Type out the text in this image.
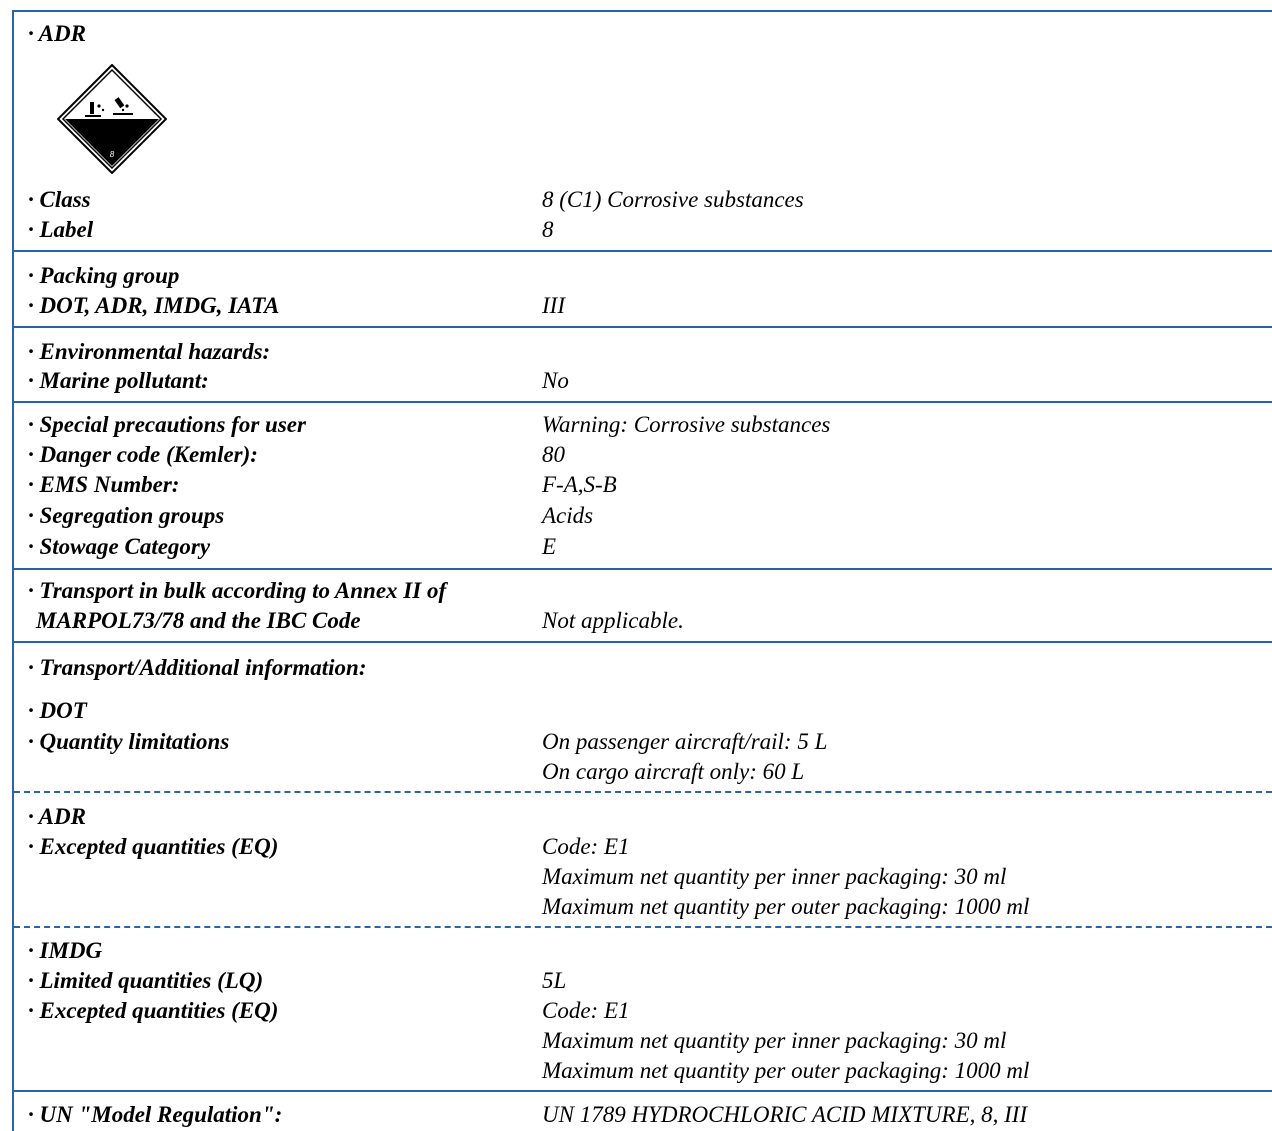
· ADR
8
· Class	8 (C1) Corrosive substances
· Label	8
· Packing group
· DOT, ADR, IMDG, IATA	III
· Environmental hazards:
· Marine pollutant:	No
· Special precautions for user	Warning: Corrosive substances
· Danger code (Kemler):	80
· EMS Number:	F-A,S-B
· Segregation groups	Acids
· Stowage Category	E
· Transport in bulk according to Annex II of
MARPOL73/78 and the IBC Code	Not applicable.
· Transport/Additional information:
· DOT
· Quantity limitations	On passenger aircraft/rail: 5 L
On cargo aircraft only: 60 L
· ADR
· Excepted quantities (EQ)	Code: E1
Maximum net quantity per inner packaging: 30 ml
Maximum net quantity per outer packaging: 1000 ml
· IMDG
· Limited quantities (LQ)	5L
· Excepted quantities (EQ)	Code: E1
Maximum net quantity per inner packaging: 30 ml
Maximum net quantity per outer packaging: 1000 ml
· UN "Model Regulation":	UN 1789 HYDROCHLORIC ACID MIXTURE, 8, III
